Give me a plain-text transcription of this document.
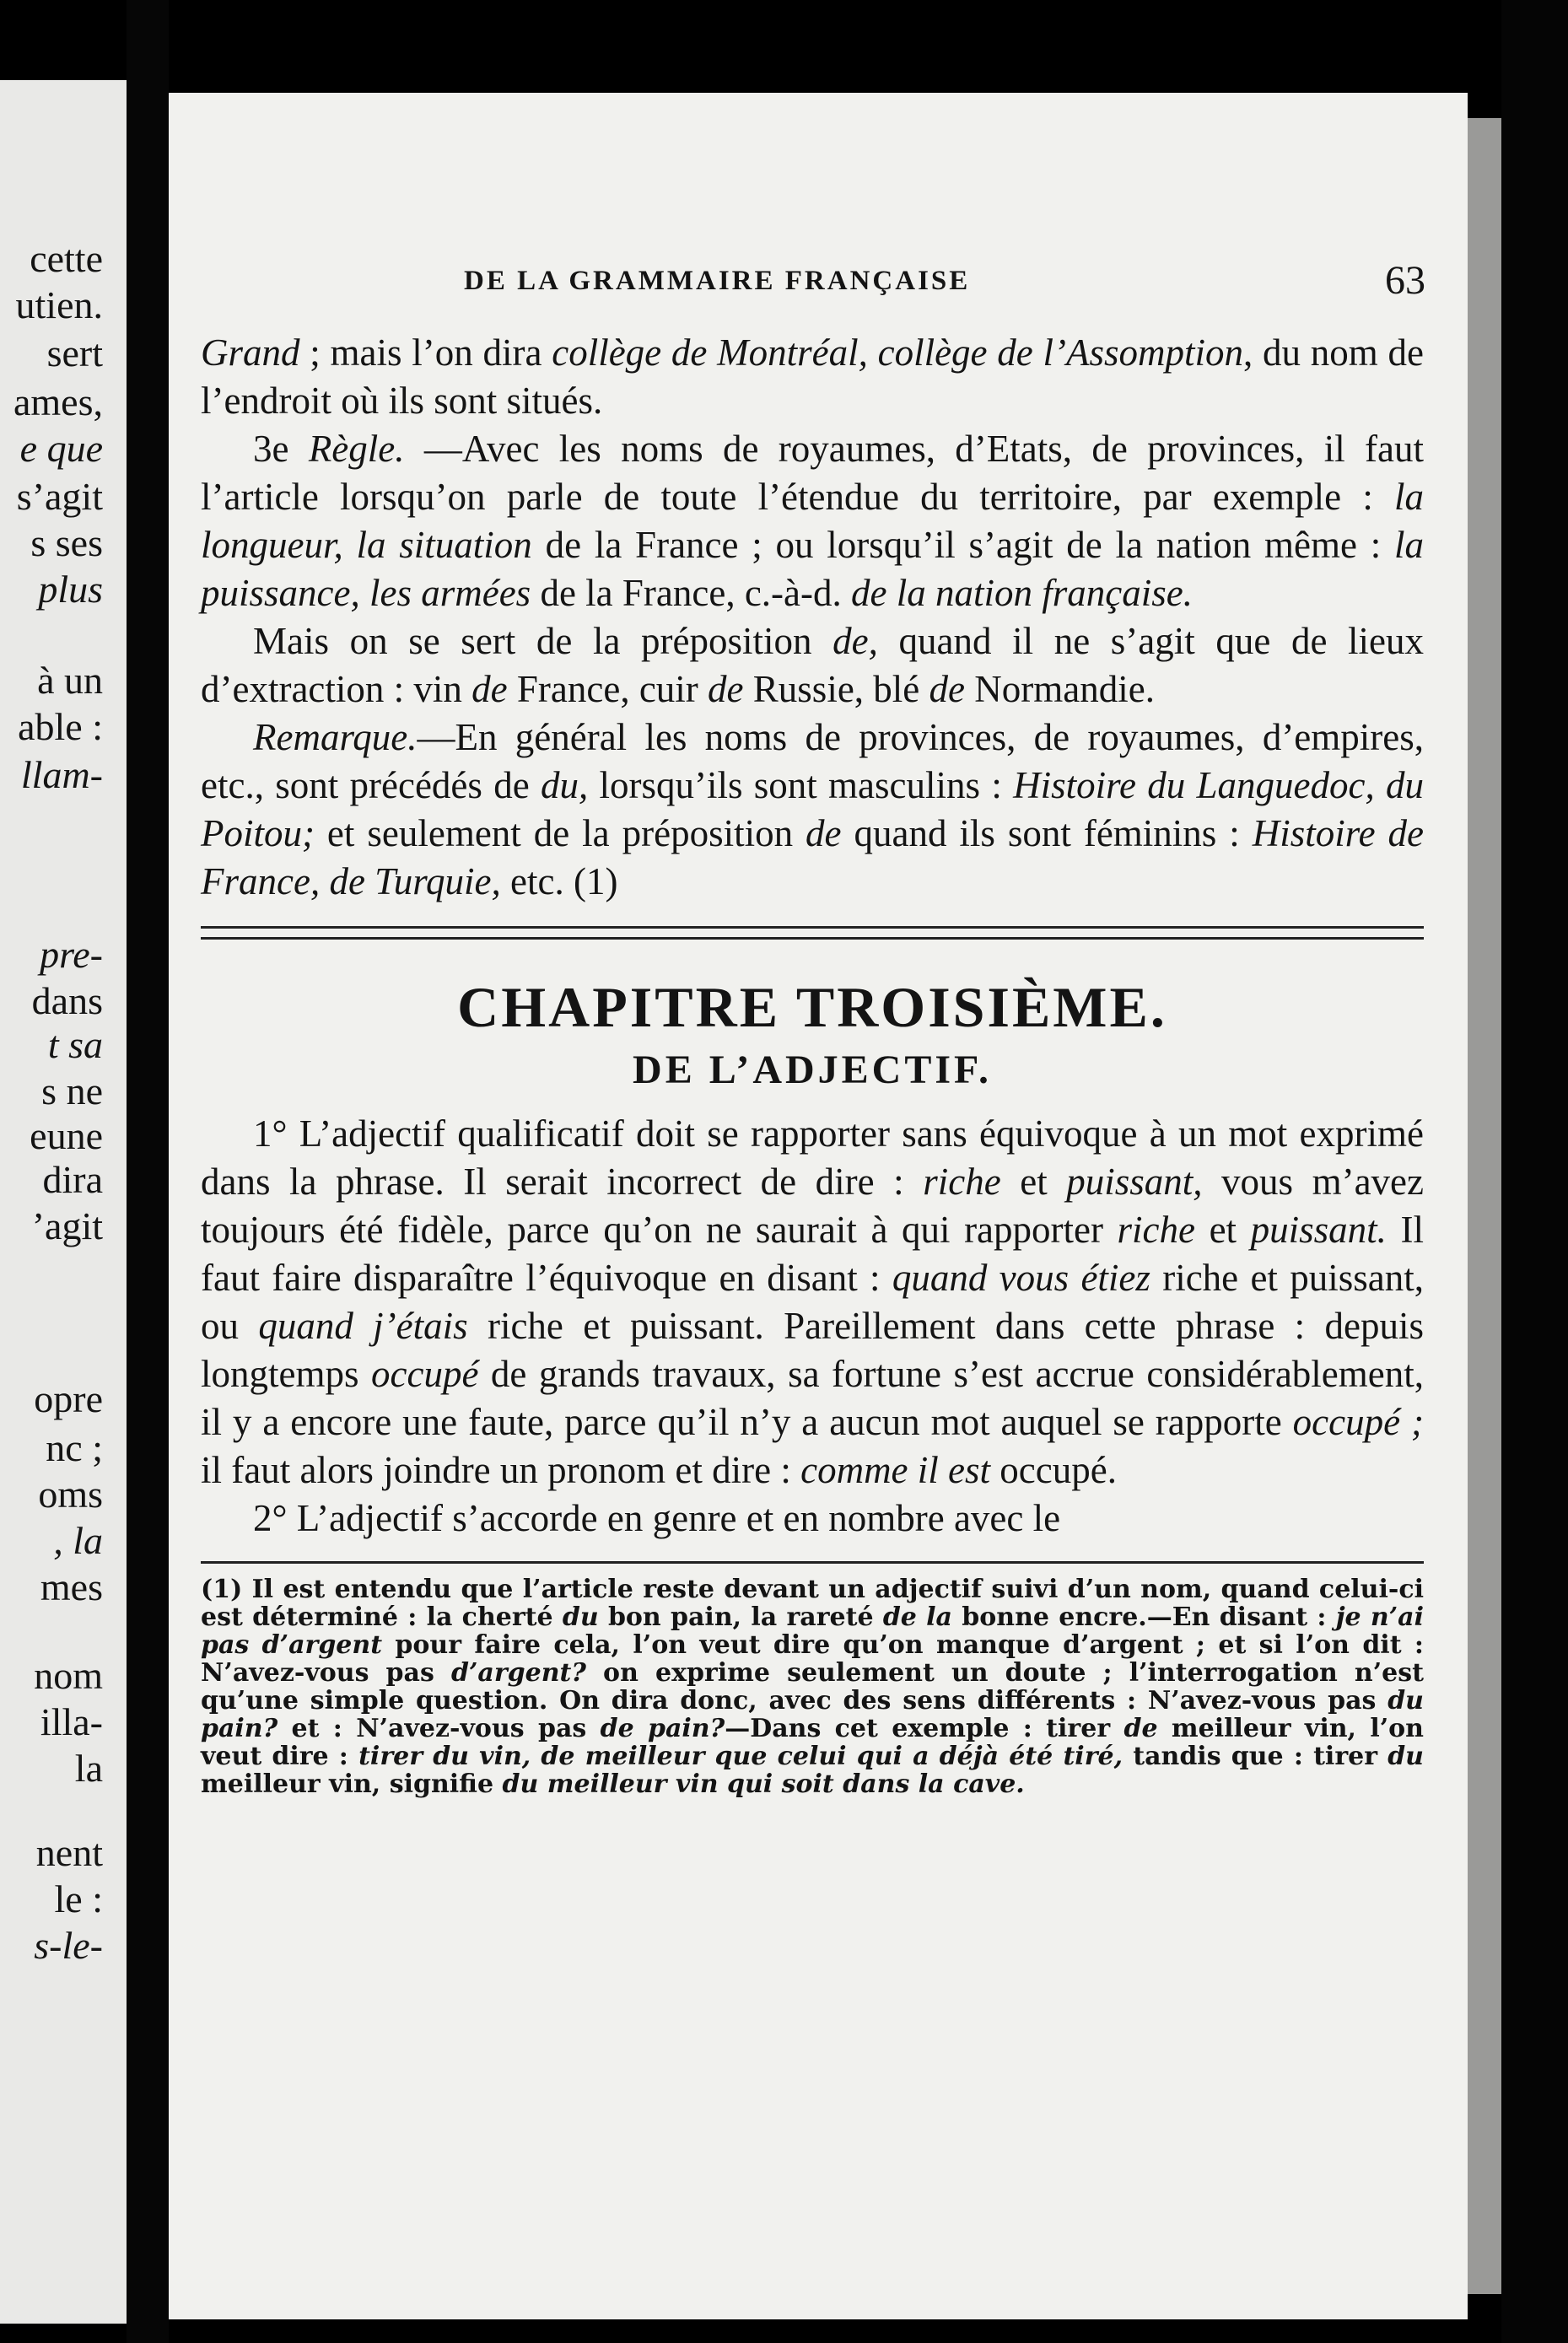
cette
utien.
sert
ames,
e que
s’agit
s ses
plus
à un
able :
llam-
pre-
dans
t sa
s ne
eune
dira
’agit
opre
nc ;
oms
, la
mes
nom
illa-
la
nent
le :
s-le-
DE LA GRAMMAIRE FRANÇAISE	63

Grand ; mais l’on dira collège de Montréal, collège de l’Assomption, du nom de l’endroit où ils sont situés.

3e Règle. —Avec les noms de royaumes, d’Etats, de provinces, il faut l’article lorsqu’on parle de toute l’étendue du territoire, par exemple : la longueur, la situation de la France ; ou lorsqu’il s’agit de la nation même : la puissance, les armées de la France, c.-à-d. de la nation française.

Mais on se sert de la préposition de, quand il ne s’agit que de lieux d’extraction : vin de France, cuir de Russie, blé de Normandie.

Remarque.—En général les noms de provinces, de royaumes, d’empires, etc., sont précédés de du, lorsqu’ils sont masculins : Histoire du Languedoc, du Poitou; et seulement de la préposition de quand ils sont féminins : Histoire de France, de Turquie, etc. (1)

CHAPITRE TROISIÈME.
DE L’ADJECTIF.

1° L’adjectif qualificatif doit se rapporter sans équivoque à un mot exprimé dans la phrase. Il serait incorrect de dire : riche et puissant, vous m’avez toujours été fidèle, parce qu’on ne saurait à qui rapporter riche et puissant. Il faut faire disparaître l’équivoque en disant : quand vous étiez riche et puissant, ou quand j’étais riche et puissant. Pareillement dans cette phrase : depuis longtemps occupé de grands travaux, sa fortune s’est accrue considérablement, il y a encore une faute, parce qu’il n’y a aucun mot auquel se rapporte occupé ; il faut alors joindre un pronom et dire : comme il est occupé.

2° L’adjectif s’accorde en genre et en nombre avec le

(1) Il est entendu que l’article reste devant un adjectif suivi d’un nom, quand celui-ci est déterminé : la cherté du bon pain, la rareté de la bonne encre.—En disant : je n’ai pas d’argent pour faire cela, l’on veut dire qu’on manque d’argent ; et si l’on dit : N’avez-vous pas d’argent? on exprime seulement un doute ; l’interrogation n’est qu’une simple question. On dira donc, avec des sens différents : N’avez-vous pas du pain? et : N’avez-vous pas de pain?—Dans cet exemple : tirer de meilleur vin, l’on veut dire : tirer du vin, de meilleur que celui qui a déjà été tiré, tandis que : tirer du meilleur vin, signifie du meilleur vin qui soit dans la cave.
